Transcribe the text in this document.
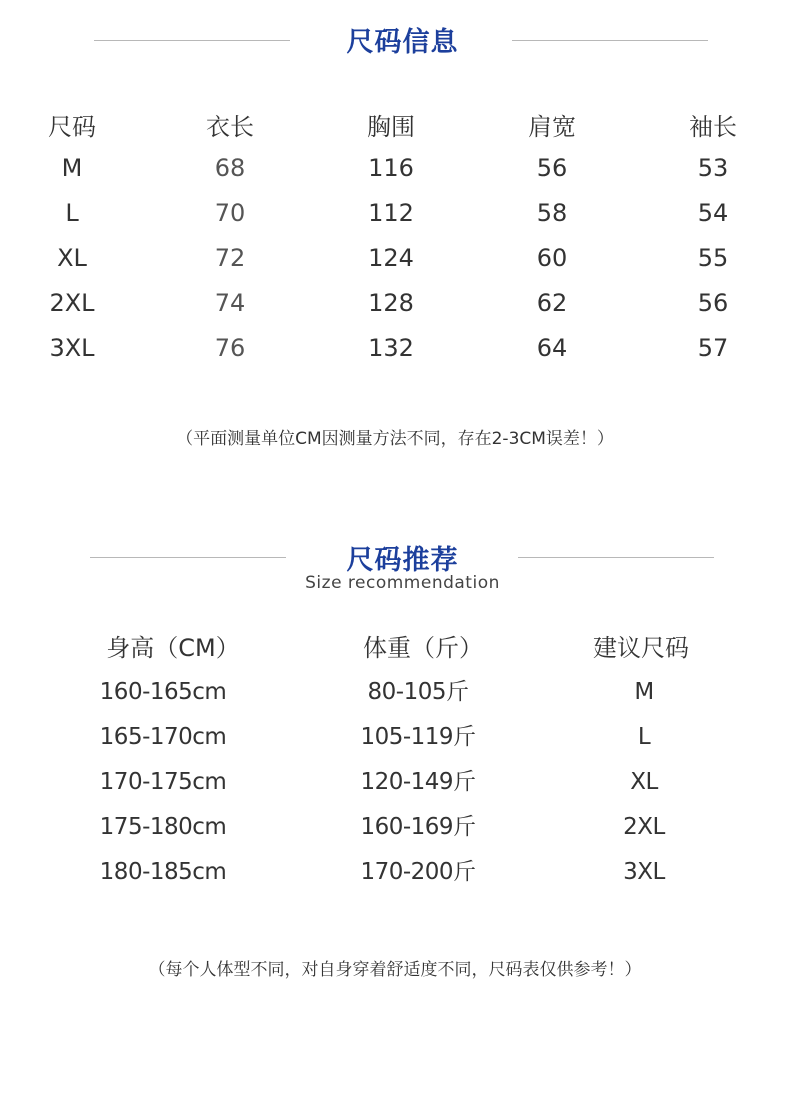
尺码信息
尺码	衣长	胸围	肩宽	袖长
M	68	116	56	53
L	70	112	58	54
XL	72	124	60	55
2XL	74	128	62	56
3XL	76	132	64	57
（平面测量单位CM因测量方法不同，存在2-3CM误差！）
尺码推荐
Size recommendation
身高（CM）	体重（斤）	建议尺码
160-165cm	80-105斤	M
165-170cm	105-119斤	L
170-175cm	120-149斤	XL
175-180cm	160-169斤	2XL
180-185cm	170-200斤	3XL
（每个人体型不同，对自身穿着舒适度不同，尺码表仅供参考！）
